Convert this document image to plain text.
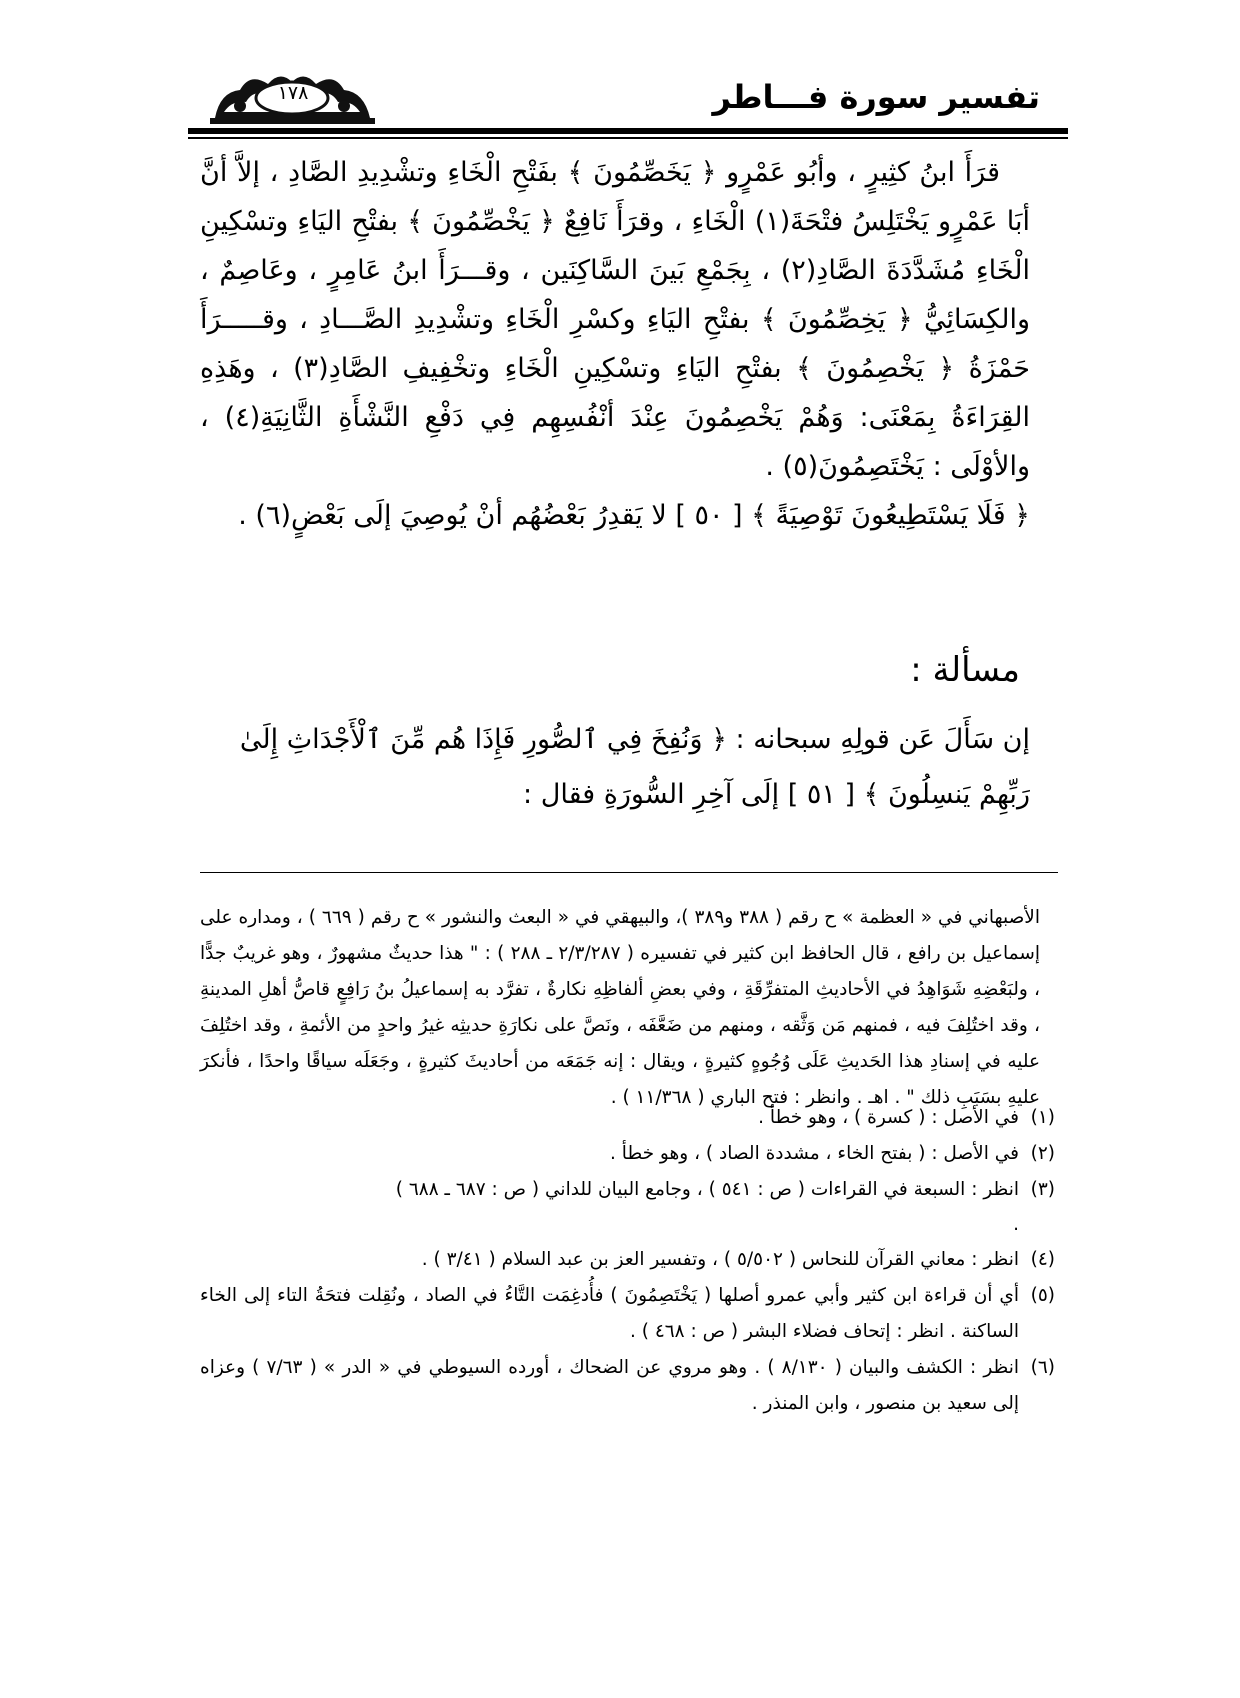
تفسير سورة فـــاطر
١٧٨

قرَأَ ابنُ كثِيرٍ ، وأبُو عَمْرٍو ﴿ يَخَصِّمُونَ ﴾ بفَتْحِ الْخَاءِ وتشْدِيدِ الصَّادِ ، إلاَّ أنَّ أبَا عَمْرٍو يَخْتَلِسُ فتْحَةَ(١) الْخَاءِ ، وقرَأَ نَافِعٌ ﴿ يَخْصِّمُونَ ﴾ بفتْحِ اليَاءِ وتسْكِينِ الْخَاءِ مُشَدَّدَةَ الصَّادِ(٢) ، بِجَمْعِ بَينَ السَّاكِنَين ، وقـــرَأَ ابنُ عَامِرٍ ، وعَاصِمٌ ، والكِسَائِيُّ ﴿ يَخِصِّمُونَ ﴾ بفتْحِ اليَاءِ وكسْرِ الْخَاءِ وتشْدِيدِ الصَّـــادِ ، وقـــــرَأَ حَمْزَةُ ﴿ يَخْصِمُونَ ﴾ بفتْحِ اليَاءِ وتسْكِينِ الْخَاءِ وتخْفِيفِ الصَّادِ(٣) ، وهَذِهِ القِرَاءَةُ بِمَعْنَى: وَهُمْ يَخْصِمُونَ عِنْدَ أنْفُسِهِم فِي دَفْعِ النَّشْأَةِ الثَّانِيَةِ(٤) ، والأوْلَى : يَخْتَصِمُونَ(٥) .

﴿ فَلَا يَسْتَطِيعُونَ تَوْصِيَةً ﴾ [ ٥٠ ] لا يَقدِرُ بَعْضُهُم أنْ يُوصِيَ إلَى بَعْضٍ(٦) .

مسألة :

إن سَأَلَ عَن قولِهِ سبحانه : ﴿ وَنُفِخَ فِي ٱلصُّورِ فَإِذَا هُم مِّنَ ٱلْأَجْدَاثِ إِلَىٰ رَبِّهِمْ يَنسِلُونَ ﴾ [ ٥١ ] إلَى آخِرِ السُّورَةِ فقال :

الأصبهاني في « العظمة » ح رقم ( ٣٨٨ و٣٨٩ )، والبيهقي في « البعث والنشور » ح رقم ( ٦٦٩ ) ، ومداره على إسماعيل بن رافع ، قال الحافظ ابن كثير في تفسيره ( ٢/٣/٢٨٧ ـ ٢٨٨ ) : " هذا حديثٌ مشهورٌ ، وهو غريبٌ جدًّا ، ولبَعْضِهِ شَوَاهِدُ في الأحاديثِ المتفرِّقَةِ ، وفي بعضِ ألفاظِهِ نكارةٌ ، تفرَّد به إسماعيلُ بنُ رَافِعٍ قاصُّ أهلِ المدينةِ ، وقد اختُلِفَ فيه ، فمنهم مَن وَثَّقه ، ومنهم من ضَعَّفَه ، ونَصَّ على نكارَةِ حديثِه غيرُ واحدٍ من الأئمةِ ، وقد اختُلِفَ عليه في إسنادِ هذا الحَديثِ عَلَى وُجُوهٍ كثيرةٍ ، ويقال : إنه جَمَعَه من أحاديثَ كثيرةٍ ، وجَعَلَه سياقًا واحدًا ، فأنكرَ عليهِ بسَبَبِ ذلك " . اهـ . وانظر : فتح الباري ( ١١/٣٦٨ ) .

(١)
في الأصل : ( كسرة ) ، وهو خطأ .
(٢)
في الأصل : ( بفتح الخاء ، مشددة الصاد ) ، وهو خطأ .
(٣)
انظر : السبعة في القراءات ( ص : ٥٤١ ) ، وجامع البيان للداني ( ص : ٦٨٧ ـ ٦٨٨ )
.
(٤)
انظر : معاني القرآن للنحاس ( ٥/٥٠٢ ) ، وتفسير العز بن عبد السلام ( ٣/٤١ ) .
(٥)
أي أن قراءة ابن كثير وأبي عمرو أصلها ( يَخْتَصِمُونَ ) فأُدغِمَت التَّاءُ في الصاد ، ونُقِلت فتحَةُ التاء إلى الخاء الساكنة . انظر : إتحاف فضلاء البشر ( ص : ٤٦٨ ) .
(٦)
انظر : الكشف والبيان ( ٨/١٣٠ ) . وهو مروي عن الضحاك ، أورده السيوطي في « الدر » ( ٧/٦٣ ) وعزاه إلى سعيد بن منصور ، وابن المنذر .
